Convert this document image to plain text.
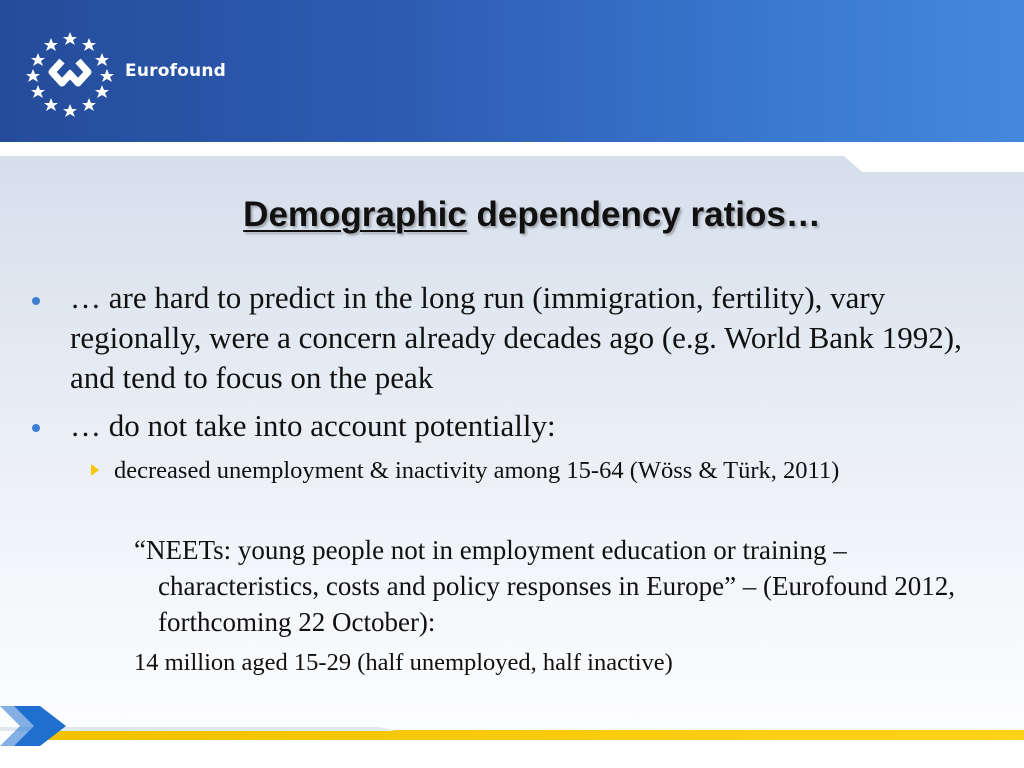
Eurofound
Demographic dependency ratios…
… are hard to predict in the long run (immigration, fertility), vary regionally, were a concern already decades ago (e.g. World Bank 1992), and tend to focus on the peak
… do not take into account potentially:
decreased unemployment & inactivity among 15-64 (Wöss & Türk, 2011)
“NEETs: young people not in employment education or training – characteristics, costs and policy responses in Europe” – (Eurofound 2012, forthcoming 22 October):
14 million aged 15-29 (half unemployed, half inactive)
